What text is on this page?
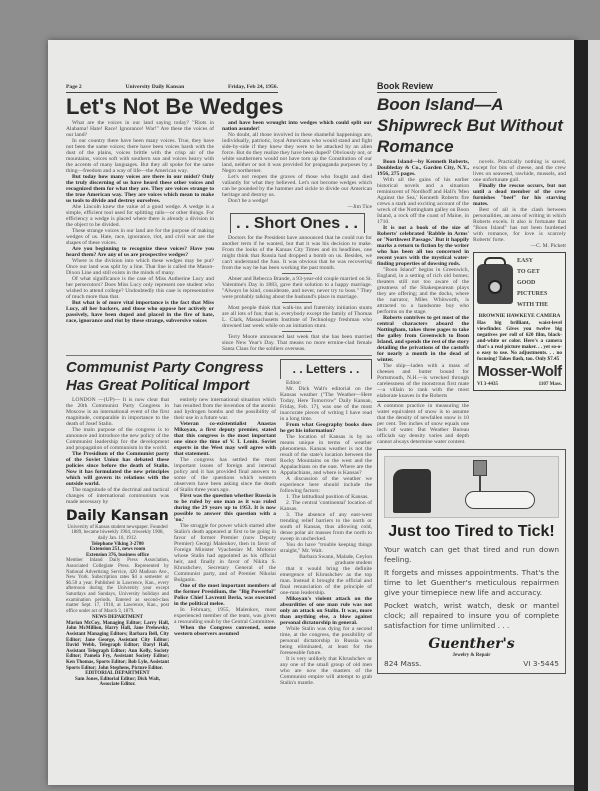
Page 2	University Daily Kansan	Friday, Feb 24, 1956.
Let's Not Be Wedges

What are the voices in our land saying today? "Riots in Alabama! Hate! Race! Ignorance! War!" Are these the voices of our land?

In our country there have been many voices. True, they have not been the same voices; there have been voices harsh with the dust of the plains, voices brittle with the crisp air of the mountains, voices soft with southern sun and voices heavy with the accents of many languages. But they all spoke for the same thing—freedom and a way of life—the American way.

But today how many voices are there in our midst? Only the truly discerning of us have heard these other voices and recognized them for what they are. They are voices strange to the true American way. They are voices which mean to make us tools to divide and destroy ourselves.

Abe Lincoln knew the value of a good wedge. A wedge is a simple, efficient tool used for splitting rails—or other things. For efficiency a wedge is placed where there is already a division in the object to be divided.

These strange voices in our land are for the purpose of making wedges of us. Hate, race, ignorance, riot, and civil war are the shapes of these voices.

Are you beginning to recognize these voices? Have you heard them? Are any of us are prospective wedges?

Where is the division into which these wedges may be put? Once our land was split by a line. That line is called the Mason-Dixon Line and still exists in the minds of many.

Of what significance is the case of Miss Autherine Lucy and her persecutors? Does Miss Lucy only represent one student who wished to attend college? Undoubtedly this case is representative of much more than that.

But what is of more vital importance is the fact that Miss Lucy, all her backers, and those who oppose her actively or passively, have been duped and placed in the fire of hate, race, ignorance and riot by these strange, subversive voices

and have been wrought into wedges which could split our nation asunder!

No doubt, all those involved in these shameful happenings are, individually, patriotic, loyal Americans who would stand and fight side-by-side if they knew they were to be attacked by an alien force. But do they realize they have been duped? Obviously not, or white southerners would not have torn up the Constitution of our land, neither or not it was provided for propaganda purposes by a Negro northerner.

Let's not reopen the graves of those who fought and died valiantly for what they believed. Let's not become wedges which can be pounded by the hammer and sickle to divide our American heritage and destroy us.

Don't be a wedge!

—Jim Tice

. . Short Ones . .

Doctors for the President have announced that he could run for another term if he wanted, but that it was his decision to make. From the looks of the Kansas City Times and its headlines, one might think that Russia had dropped a bomb on us. Besides, we can't understand the fuss. It was obvious that he was recovering from the way he has been working the past month.

Abner and Rebecca Brande, a 93-year-old couple married on St. Valentine's Day in 1883, gave their solution to a happy marriage. "Always be kind, considerate, and never, never try to boss." They were probably talking about the husband's place in marriage.

Most people think that walk-ins and fraternity initiation stunts are all lots of fun; that is, everybody except the family of Thomas L. Clark, Massachusetts Institute of Technology freshman who drowned last week while on an initiation stunt.

Terry Moore announced last week that she has been married since New Year's Day. That means no more ermine-clad female Santa Claus for the soldiers overseas.

Communist Party Congress Has Great Political Import

LONDON —(UP)— It is now clear that the 20th Communist Party Congress in Moscow is an international event of the first magnitude, comparable in importance to the death of Josef Stalin.

The main purpose of the congress is to announce and introduce the new policy of the Communist leadership for the development and propagation of communism in the world.

The Presidium of the Communist party of the Soviet Union has debated these policies since before the death of Stalin. Now it has formulated the new principles which will govern its relations with the outside world.

The magnitude of the doctrinal and tactical changes of international communism was made necessary by

Daily Kansan
University of Kansas student newspaper. Founded 1889, became biweekly 1904, triweekly 1908, daily Jan. 16, 1912.
Telephone Viking 3-2700
Extension 251, news room
Extension 376, business office
Member Inland Daily Press Association, Associated Collegiate Press. Represented by National Advertising Service, 420 Madison Ave., New York. Subscription rates $4 a semester or $6.50 a year. Published in Lawrence, Kan., every afternoon during the University year except Saturdays and Sundays, University holidays and examination periods. Entered as second-class matter Sept. 17, 1910, at Lawrence, Kan., post office under act of March 3, 1879.
NEWS DEPARTMENT
Marian McCoy, Managing Editor; Larry Hall, John McMillion, Harry Hall, Jane Prelowsky, Assistant Managing Editors; Barbara Bell, City Editor; Jane George, Assistant City Editor; David Webb, Telegraph Editor; Daryl Hall, Assistant Telegraph Editor; Ann Kelly, Society Editor; Pamela Fry, Assistant Society Editor; Ken Thomas, Sports Editor; Bob Lyle, Assistant Sports Editor; John Stephens, Picture Editor.
EDITORIAL DEPARTMENT
Sam Jones, Editorial Editor; Dick Walt, Associate Editor.

entirely new international situation which has resulted from the invention of the atomic and hydrogen bombs and the possibility of their use in a future war.

Veteran co-existentialist Anastas Mikoyan, a first deputy premier, stated that this congress is the most important one since the time of V. I. Lenin. Soviet experts in the West may well agree with that statement.

The congress has settled the most important issues of foreign and internal policy and it has provided final answers to some of the questions which western observers have been asking since the death of Stalin three years ago.

First was the question whether Russia is to be ruled by one man as it was ruled during the 29 years up to 1953. It is now possible to answer this question with a 'no.'

The struggle for power which started after Stalin's death appeared at first to be going in favor of former Premier (now Deputy Premier) Georgi Malenkov, then in favor of Foreign Minister Vyacheslav M. Molotov whose Stalin had appointed as his official heir, and finally in favor of Nikita S. Khrushchev, Secretary General of the Communist party, and of Premier Nikolai Bulganin.

One of the most important members of the former Presidium, the "Big Powerful" Police Chief Lavrenti Beria, was executed in the political melee.

In February, 1955, Malenkov, most experienced member of the team, was given a resounding snub by the Central Committee.

When the Congress convened, some western observers assumed

. . Letters . .

Editor:

Mr. Dick Walt's editorial on the Kansas weather ("The Weather—Here Today, Here Tomorrow" Daily Kansan, Friday, Feb. 17), was one of the most inaccurate pieces of writing I have read in a long time.

From what Geography books does he get his information?

The location of Kansas is by no means unique in terms of weather phenomena. Kansas weather is not the result of the state's location between the Rocky Mountains on the west and the Appalachians on the east. Where are the Appalachians, and where is Kansas?

A discussion of the weather we experience here should include the following factors:

1. The latitudinal position of Kansas.

2. The central 'continental' location of Kansas.

3. The absence of any east-west trending relief barriers to the north or south of Kansas, thus allowing cold, dense polar air masses from the north to sweep in unchecked.

You do have "trouble keeping things straight," Mr. Walt.

Barbara Swann, Malade, Ceylon graduate student

that it would bring the definite emergence of Khrushchev as the top man. Instead it brought the official and final renunciation of the principle of one-man leadership.

Mikoyan's violent attack on the absurdities of one man rule was not only an attack on Stalin. It was, more than anything else, a blow against personal dictatorship in general.

While Stalin was dying for a second time, at the congress, the possibility of personal dictatorship in Russia was being eliminated, at least for the foreseeable future.

It is very unlikely that Khrushchev or any one of the small group of old men who are now the masters of the Communist empire will attempt to grab Stalin's mantle.

Book Review
Boon Island—A Shipwreck But Without Romance

Boon Island—by Kenneth Roberts, Doubleday & Co., Garden City, N.Y., 1956, 275 pages.

With all the gains of his earlier historical novels and a situation reminiscent of Nordhoff and Hall's 'Men Against the Sea,' Kenneth Roberts fire crews a stark and exciting account of the wreck of the Nottingham galley on Boon Island, a rock off the coast of Maine, in 1710.

It is not a book of the size of Roberts' celebrated 'Rabble in Arms' or 'Northwest Passage.' But it happily marks a return to fiction by the writer who has been all too concerned in recent years with the mystical water-finding properties of dowsing rods.

"Boon Island" begins in Greenwich, England, in a setting of rich old homes; theaters still not too aware of the greatness of the Shakespearean plays they are offering; and the docks, where the narrator, Miles Whitworth, is attracted to a handsome boy who performs on the stage.

Roberts contrives to get most of the central characters aboard the Nottingham, takes three pages to take the galley from Greenwich to Boon Island, and spends the rest of the story detailing the privations of the castoffs for nearly a month in the dead of winter.

The ship—laden with a mass of cheeses and butter bound for Portsmouth, N.H.—is wrecked through carelessness of the monstrous first mate—a villain to rank with the most elaborate knaves in the Roberts

A common practice in measuring the water equivalent of snow is to assume that the density of newfallen snow is 10 per cent. Ten inches of snow equals one inch of water. But Weather Bureau officials say density varies and depth cannot always determine water content.

novels. Practically nothing is saved, except for bits of cheese, and the crew lives on seaweed, rawhide, mussels, and one unfortunate gull.

Finally the rescue occurs, but not until a dead member of the crew furnishes "beef" for his starving mates.

Best of all is the clash between personalities, an area of writing in which Roberts excels. It also is fortunate that "Boon Island" has not been burdened with romance, for love is scarcely Roberts' forte.

—C. M. Pickett

EASY
TO GET
GOOD
PICTURES
WITH THE
BROWNIE HAWKEYE CAMERA
Has big brilliant, waist-level viewfinder. Gives you twelve big negatives per roll of 620 film, black-and-white or color. Here's a camera that's a real picture maker. . . yet so-o-o easy to use. No adjustments. . . no focusing! Takes flash, too. Only $7.45
Mosser-Wolf
VI 3-4435	1107 Mass.
Just too Tired to Tick!

Your watch can get that tired and run down feeling.

It forgets and misses appointments. That's the time to let Guenther's meticulous repairmen give your timepiece new life and accuracy.

Pocket watch, wrist watch, desk or mantel clock; all repaired to insure you of complete satisfaction for time unlimited . . .

Guenther's
Jewelry & Repair
824 Mass.	VI 3-5445
